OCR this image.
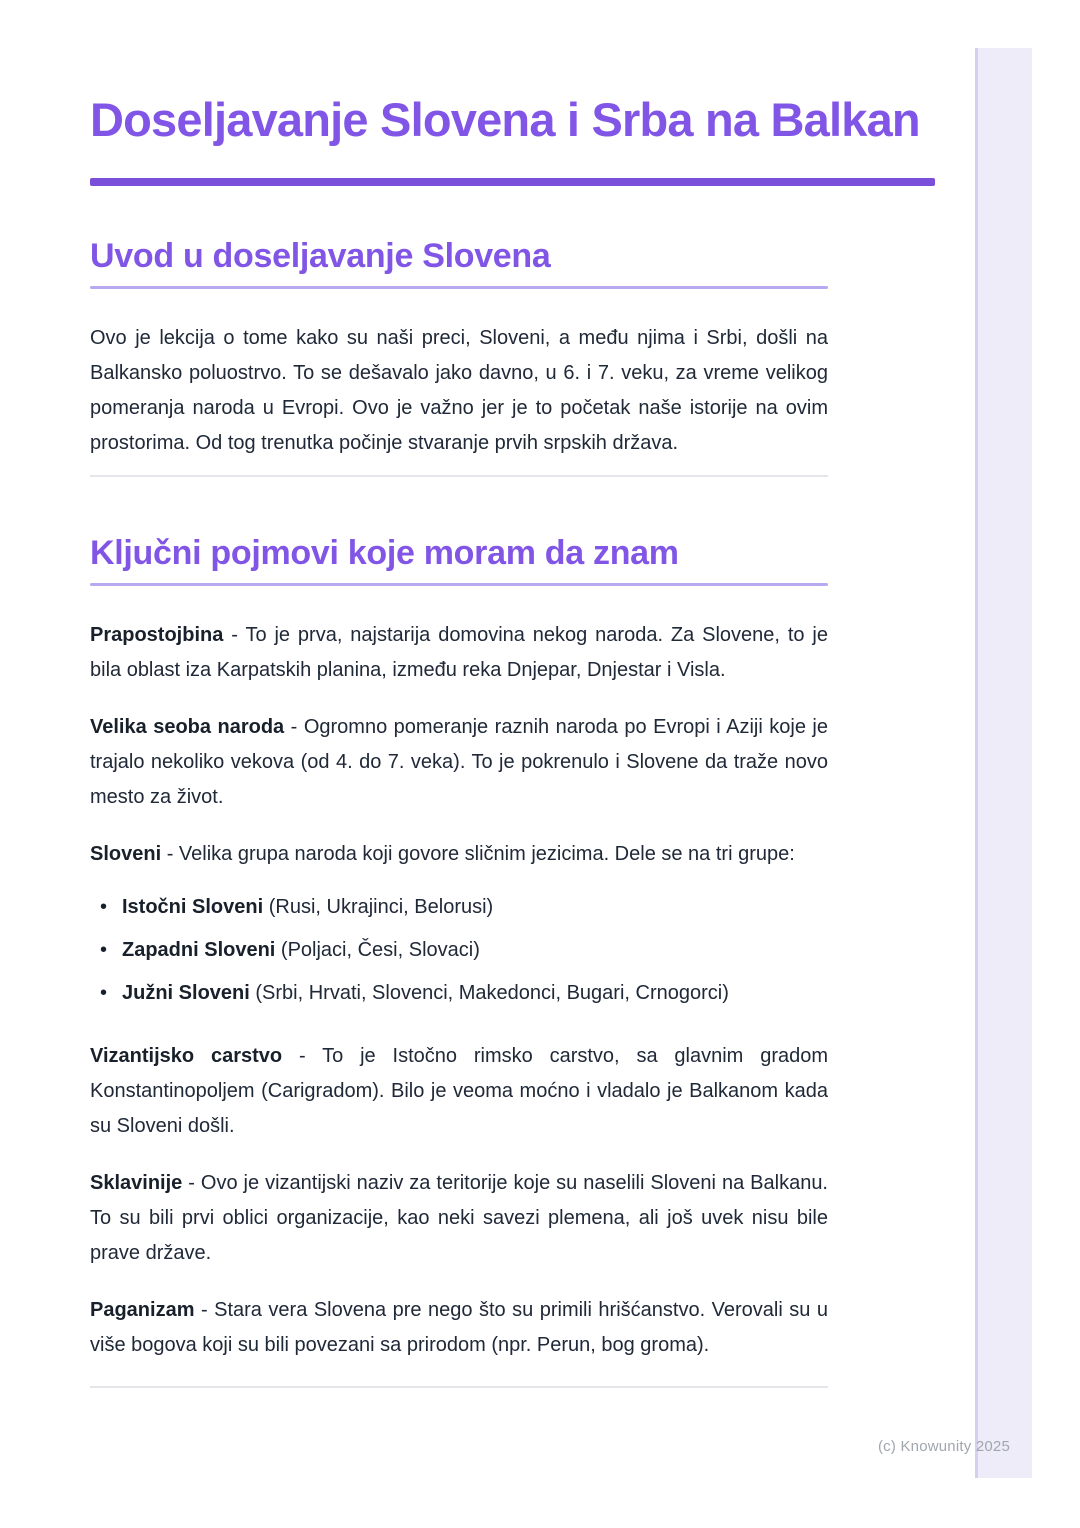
Doseljavanje Slovena i Srba na Balkan
Uvod u doseljavanje Slovena

Ovo je lekcija o tome kako su naši preci, Sloveni, a među njima i Srbi, došli na Balkansko poluostrvo. To se dešavalo jako davno, u 6. i 7. veku, za vreme velikog pomeranja naroda u Evropi. Ovo je važno jer je to početak naše istorije na ovim prostorima. Od tog trenutka počinje stvaranje prvih srpskih država.

Ključni pojmovi koje moram da znam

Prapostojbina - To je prva, najstarija domovina nekog naroda. Za Slovene, to je bila oblast iza Karpatskih planina, između reka Dnjepar, Dnjestar i Visla.

Velika seoba naroda - Ogromno pomeranje raznih naroda po Evropi i Aziji koje je trajalo nekoliko vekova (od 4. do 7. veka). To je pokrenulo i Slovene da traže novo mesto za život.

Sloveni - Velika grupa naroda koji govore sličnim jezicima. Dele se na tri grupe:

• Istočni Sloveni (Rusi, Ukrajinci, Belorusi)
• Zapadni Sloveni (Poljaci, Česi, Slovaci)
• Južni Sloveni (Srbi, Hrvati, Slovenci, Makedonci, Bugari, Crnogorci)

Vizantijsko carstvo - To je Istočno rimsko carstvo, sa glavnim gradom Konstantinopoljem (Carigradom). Bilo je veoma moćno i vladalo je Balkanom kada su Sloveni došli.

Sklavinije - Ovo je vizantijski naziv za teritorije koje su naselili Sloveni na Balkanu. To su bili prvi oblici organizacije, kao neki savezi plemena, ali još uvek nisu bile prave države.

Paganizam - Stara vera Slovena pre nego što su primili hrišćanstvo. Verovali su u više bogova koji su bili povezani sa prirodom (npr. Perun, bog groma).

(c) Knowunity 2025
